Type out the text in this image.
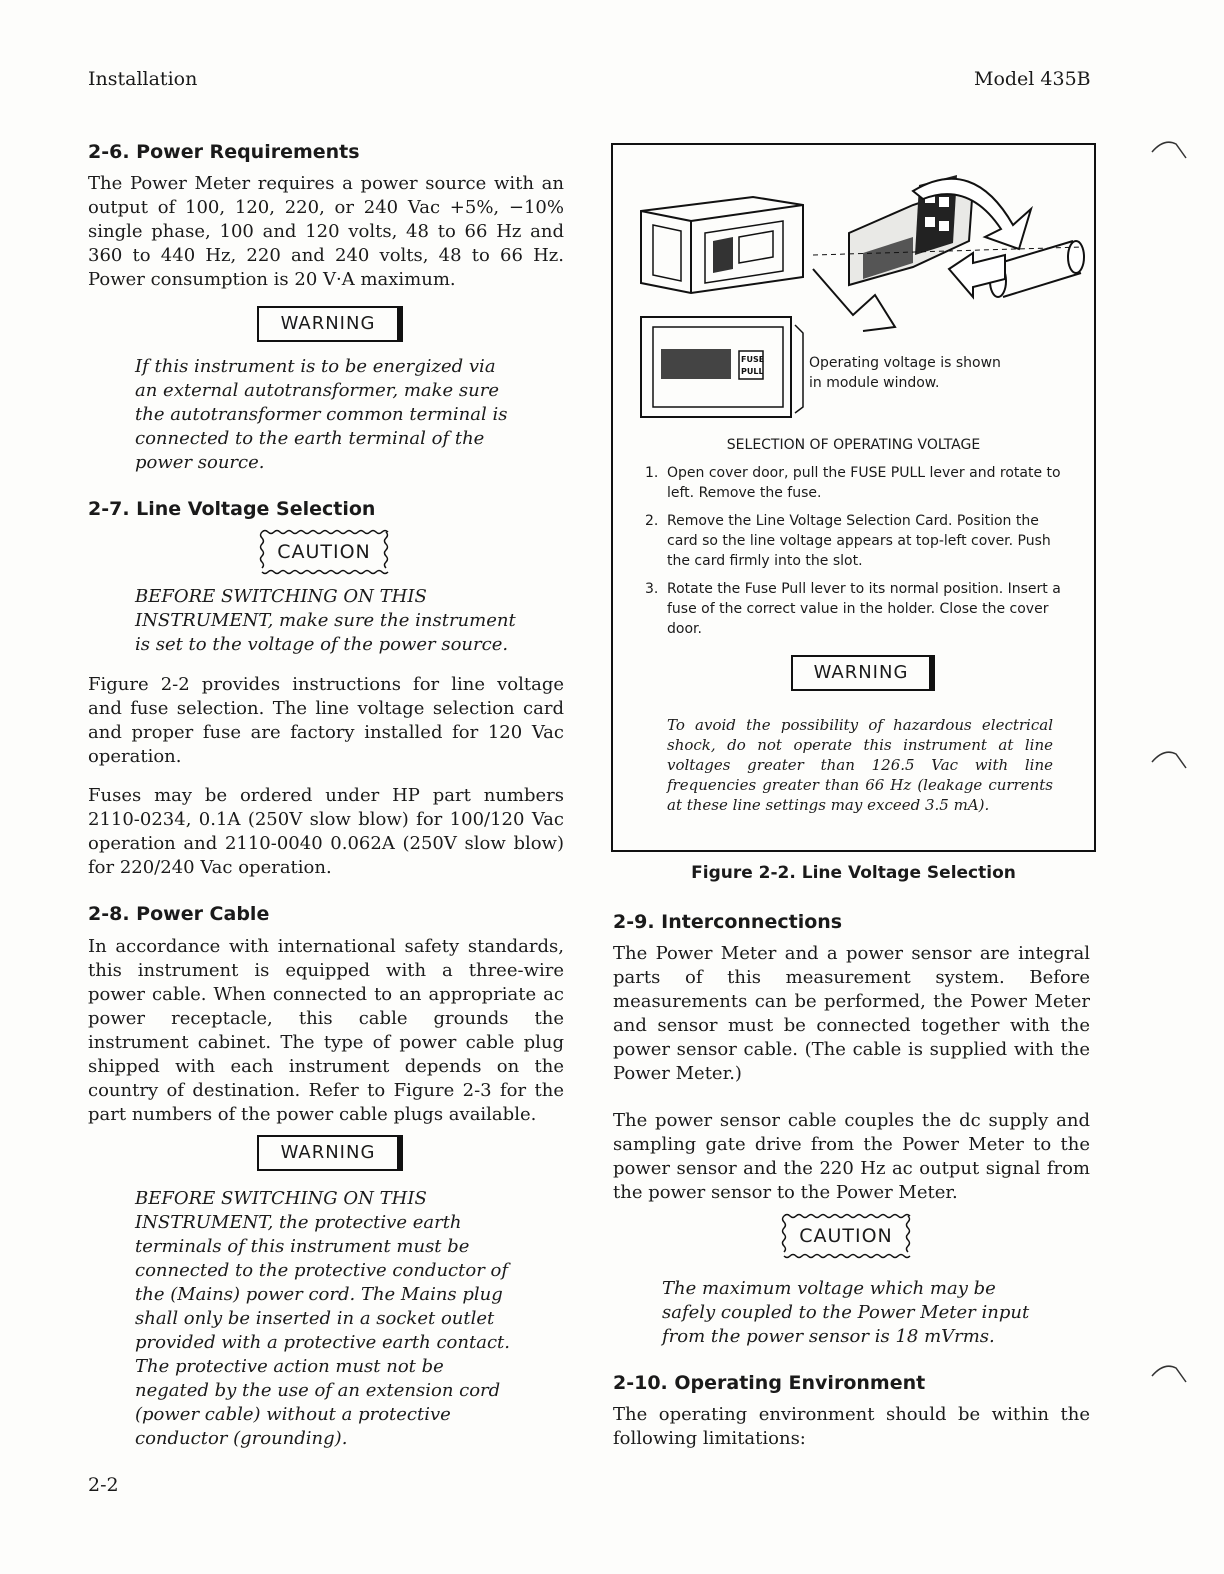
Installation	Model 435B
2-6. Power Requirements
The Power Meter requires a power source with an output of 100, 120, 220, or 240 Vac +5%, −10% single phase, 100 and 120 volts, 48 to 66 Hz and 360 to 440 Hz, 220 and 240 volts, 48 to 66 Hz. Power consumption is 20 V·A maximum.
WARNING
If this instrument is to be energized via an external autotransformer, make sure the autotransformer common terminal is connected to the earth terminal of the power source.
2-7. Line Voltage Selection
CAUTION
BEFORE SWITCHING ON THIS INSTRUMENT, make sure the instrument is set to the voltage of the power source.
Figure 2-2 provides instructions for line voltage and fuse selection. The line voltage selection card and proper fuse are factory installed for 120 Vac operation.
Fuses may be ordered under HP part numbers 2110-0234, 0.1A (250V slow blow) for 100/120 Vac operation and 2110-0040 0.062A (250V slow blow) for 220/240 Vac operation.
2-8. Power Cable
In accordance with international safety standards, this instrument is equipped with a three-wire power cable. When connected to an appropriate ac power receptacle, this cable grounds the instrument cabinet. The type of power cable plug shipped with each instrument depends on the country of destination. Refer to Figure 2-3 for the part numbers of the power cable plugs available.
WARNING
BEFORE SWITCHING ON THIS INSTRUMENT, the protective earth terminals of this instrument must be connected to the protective conductor of the (Mains) power cord. The Mains plug shall only be inserted in a socket outlet provided with a protective earth contact. The protective action must not be negated by the use of an extension cord (power cable) without a protective conductor (grounding).
2-2
FUSE
PULL
Operating voltage is shown
in module window.
SELECTION OF OPERATING VOLTAGE
1. Open cover door, pull the FUSE PULL lever and rotate to left. Remove the fuse.
2. Remove the Line Voltage Selection Card. Position the card so the line voltage appears at top-left cover. Push the card firmly into the slot.
3. Rotate the Fuse Pull lever to its normal position. Insert a fuse of the correct value in the holder. Close the cover door.
WARNING
To avoid the possibility of hazardous electrical shock, do not operate this instrument at line voltages greater than 126.5 Vac with line frequencies greater than 66 Hz (leakage currents at these line settings may exceed 3.5 mA).
Figure 2-2. Line Voltage Selection
2-9. Interconnections
The Power Meter and a power sensor are integral parts of this measurement system. Before measurements can be performed, the Power Meter and sensor must be connected together with the power sensor cable. (The cable is supplied with the Power Meter.)
The power sensor cable couples the dc supply and sampling gate drive from the Power Meter to the power sensor and the 220 Hz ac output signal from the power sensor to the Power Meter.
CAUTION
The maximum voltage which may be safely coupled to the Power Meter input from the power sensor is 18 mVrms.
2-10. Operating Environment
The operating environment should be within the following limitations:
